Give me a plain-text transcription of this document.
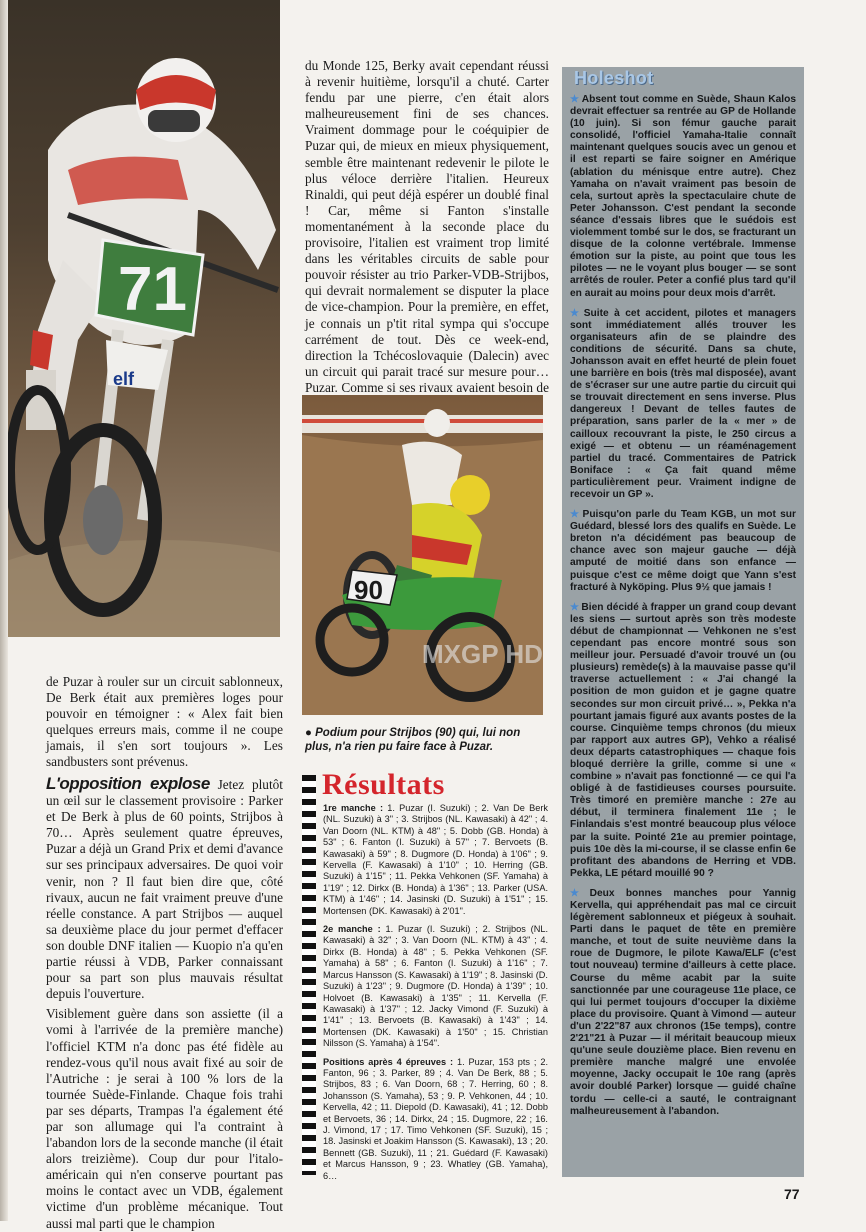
71
elf

du Monde 125, Berky avait cependant réussi à revenir huitième, lorsqu'il a chuté. Carter fendu par une pierre, c'en était alors malheureusement fini de ses chances. Vraiment dommage pour le coéquipier de Puzar qui, de mieux en mieux physiquement, semble être maintenant redevenir le pilote le plus véloce derrière l'italien. Heureux Rinaldi, qui peut déjà espérer un doublé final ! Car, même si Fanton s'installe momentanément à la seconde place du provisoire, l'italien est vraiment trop limité dans les véritables circuits de sable pour pouvoir résister au trio Parker-VDB-Strijbos, qui devrait normalement se disputer la place de vice-champion. Pour la première, en effet, je connais un p'tit rital sympa qui s'occupe carrément de tout. Dès ce week-end, direction la Tchécoslovaquie (Dalecin) avec un circuit qui parait tracé sur mesure pour… Puzar. Comme si ses rivaux avaient besoin de

90
MXGP HD
● Podium pour Strijbos (90) qui, lui non plus, n'a rien pu faire face à Puzar.

de Puzar à rouler sur un circuit sablonneux, De Berk était aux premières loges pour pouvoir en témoigner : « Alex fait bien quelques erreurs mais, comme il ne coupe jamais, il s'en sort toujours ». Les sandbusters sont prévenus.

L'opposition explose Jetez plutôt un œil sur le classement provisoire : Parker et De Berk à plus de 60 points, Strijbos à 70… Après seulement quatre épreuves, Puzar a déjà un Grand Prix et demi d'avance sur ses principaux adversaires. De quoi voir venir, non ? Il faut bien dire que, côté rivaux, aucun ne fait vraiment preuve d'une réelle constance. A part Strijbos — auquel sa deuxième place du jour permet d'effacer son double DNF italien — Kuopio n'a qu'en partie réussi à VDB, Parker connaissant pour sa part son plus mauvais résultat depuis l'ouverture.

Visiblement guère dans son assiette (il a vomi à l'arrivée de la première manche) l'officiel KTM n'a donc pas été fidèle au rendez-vous qu'il nous avait fixé au soir de l'Autriche : je serai à 100 % lors de la tournée Suède-Finlande. Chaque fois trahi par ses départs, Trampas l'a également été par son allumage qui l'a contraint à l'abandon lors de la seconde manche (il était alors treizième). Coup dur pour l'italo-américain qui n'en conserve pourtant pas moins le contact avec un VDB, également victime d'un problème mécanique. Tout aussi mal parti que le champion

Résultats

1re manche : 1. Puzar (I. Suzuki) ; 2. Van De Berk (NL. Suzuki) à 3" ; 3. Strijbos (NL. Kawasaki) à 42" ; 4. Van Doorn (NL. KTM) à 48" ; 5. Dobb (GB. Honda) à 53" ; 6. Fanton (I. Suzuki) à 57" ; 7. Bervoets (B. Kawasaki) à 59" ; 8. Dugmore (D. Honda) à 1'06" ; 9. Kervella (F. Kawasaki) à 1'10" ; 10. Herring (GB. Suzuki) à 1'15" ; 11. Pekka Vehkonen (SF. Yamaha) à 1'19" ; 12. Dirkx (B. Honda) à 1'36" ; 13. Parker (USA. KTM) à 1'46" ; 14. Jasinski (D. Suzuki) à 1'51" ; 15. Mortensen (DK. Kawasaki) à 2'01".

2e manche : 1. Puzar (I. Suzuki) ; 2. Strijbos (NL. Kawasaki) à 32" ; 3. Van Doorn (NL. KTM) à 43" ; 4. Dirkx (B. Honda) à 48" ; 5. Pekka Vehkonen (SF. Yamaha) à 58" ; 6. Fanton (I. Suzuki) à 1'16" ; 7. Marcus Hansson (S. Kawasaki) à 1'19" ; 8. Jasinski (D. Suzuki) à 1'23" ; 9. Dugmore (D. Honda) à 1'39" ; 10. Holvoet (B. Kawasaki) à 1'35" ; 11. Kervella (F. Kawasaki) à 1'37" ; 12. Jacky Vimond (F. Suzuki) à 1'41" ; 13. Bervoets (B. Kawasaki) à 1'43" ; 14. Mortensen (DK. Kawasaki) à 1'50" ; 15. Christian Nilsson (S. Yamaha) à 1'54".

Positions après 4 épreuves : 1. Puzar, 153 pts ; 2. Fanton, 96 ; 3. Parker, 89 ; 4. Van De Berk, 88 ; 5. Strijbos, 83 ; 6. Van Doorn, 68 ; 7. Herring, 60 ; 8. Johansson (S. Yamaha), 53 ; 9. P. Vehkonen, 44 ; 10. Kervella, 42 ; 11. Diepold (D. Kawasaki), 41 ; 12. Dobb et Bervoets, 36 ; 14. Dirkx, 24 ; 15. Dugmore, 22 ; 16. J. Vimond, 17 ; 17. Timo Vehkonen (SF. Suzuki), 15 ; 18. Jasinski et Joakim Hansson (S. Kawasaki), 13 ; 20. Bennett (GB. Suzuki), 11 ; 21. Guédard (F. Kawasaki) et Marcus Hansson, 9 ; 23. Whatley (GB. Yamaha), 6…

Holeshot

★ Absent tout comme en Suède, Shaun Kalos devrait effectuer sa rentrée au GP de Hollande (10 juin). Si son fémur gauche parait consolidé, l'officiel Yamaha-Italie connaît maintenant quelques soucis avec un genou et il est reparti se faire soigner en Amérique (ablation du ménisque entre autre). Chez Yamaha on n'avait vraiment pas besoin de cela, surtout après la spectaculaire chute de Peter Johansson. C'est pendant la seconde séance d'essais libres que le suédois est violemment tombé sur le dos, se fracturant un disque de la colonne vertébrale. Immense émotion sur la piste, au point que tous les pilotes — ne le voyant plus bouger — se sont arrêtés de rouler. Peter a confié plus tard qu'il en aurait au moins pour deux mois d'arrêt.

★ Suite à cet accident, pilotes et managers sont immédiatement allés trouver les organisateurs afin de se plaindre des conditions de sécurité. Dans sa chute, Johansson avait en effet heurté de plein fouet une barrière en bois (très mal disposée), avant de s'écraser sur une autre partie du circuit qui se trouvait directement en sens inverse. Plus dangereux ! Devant de telles fautes de préparation, sans parler de la « mer » de cailloux recouvrant la piste, le 250 circus a exigé — et obtenu — un réaménagement partiel du tracé. Commentaires de Patrick Boniface : « Ça fait quand même particulièrement peur. Vraiment indigne de recevoir un GP ».

★ Puisqu'on parle du Team KGB, un mot sur Guédard, blessé lors des qualifs en Suède. Le breton n'a décidément pas beaucoup de chance avec son majeur gauche — déjà amputé de moitié dans son enfance — puisque c'est ce même doigt que Yann s'est fracturé à Nyköping. Plus 9½ que jamais !

★ Bien décidé à frapper un grand coup devant les siens — surtout après son très modeste début de championnat — Vehkonen ne s'est cependant pas encore montré sous son meilleur jour. Persuadé d'avoir trouvé un (ou plusieurs) remède(s) à la mauvaise passe qu'il traverse actuellement : « J'ai changé la position de mon guidon et je gagne quatre secondes sur mon circuit privé… », Pekka n'a pourtant jamais figuré aux avants postes de la course. Cinquième temps chronos (du mieux par rapport aux autres GP), Vehko a réalisé deux départs catastrophiques — chaque fois bloqué derrière la grille, comme si une « combine » n'avait pas fonctionné — ce qui l'a obligé à de fastidieuses courses poursuite. Très timoré en première manche : 27e au début, il terminera finalement 11e ; le Finlandais s'est montré beaucoup plus véloce par la suite. Pointé 21e au premier pointage, puis 10e dès la mi-course, il se classe enfin 6e profitant des abandons de Herring et VDB. Pekka, LE pétard mouillé 90 ?

★ Deux bonnes manches pour Yannig Kervella, qui appréhendait pas mal ce circuit légèrement sablonneux et piégeux à souhait. Parti dans le paquet de tête en première manche, et tout de suite neuvième dans la roue de Dugmore, le pilote Kawa/ELF (c'est tout nouveau) termine d'ailleurs à cette place. Course du même acabit par la suite sanctionnée par une courageuse 11e place, ce qui lui permet toujours d'occuper la dixième place du provisoire. Quant à Vimond — auteur d'un 2'22"87 aux chronos (15e temps), contre 2'21"21 à Puzar — il méritait beaucoup mieux qu'une seule douzième place. Bien revenu en première manche malgré une envolée moyenne, Jacky occupait le 10e rang (après avoir doublé Parker) lorsque — guidé chaîne tordu — celle-ci a sauté, le contraignant malheureusement à l'abandon.

77
